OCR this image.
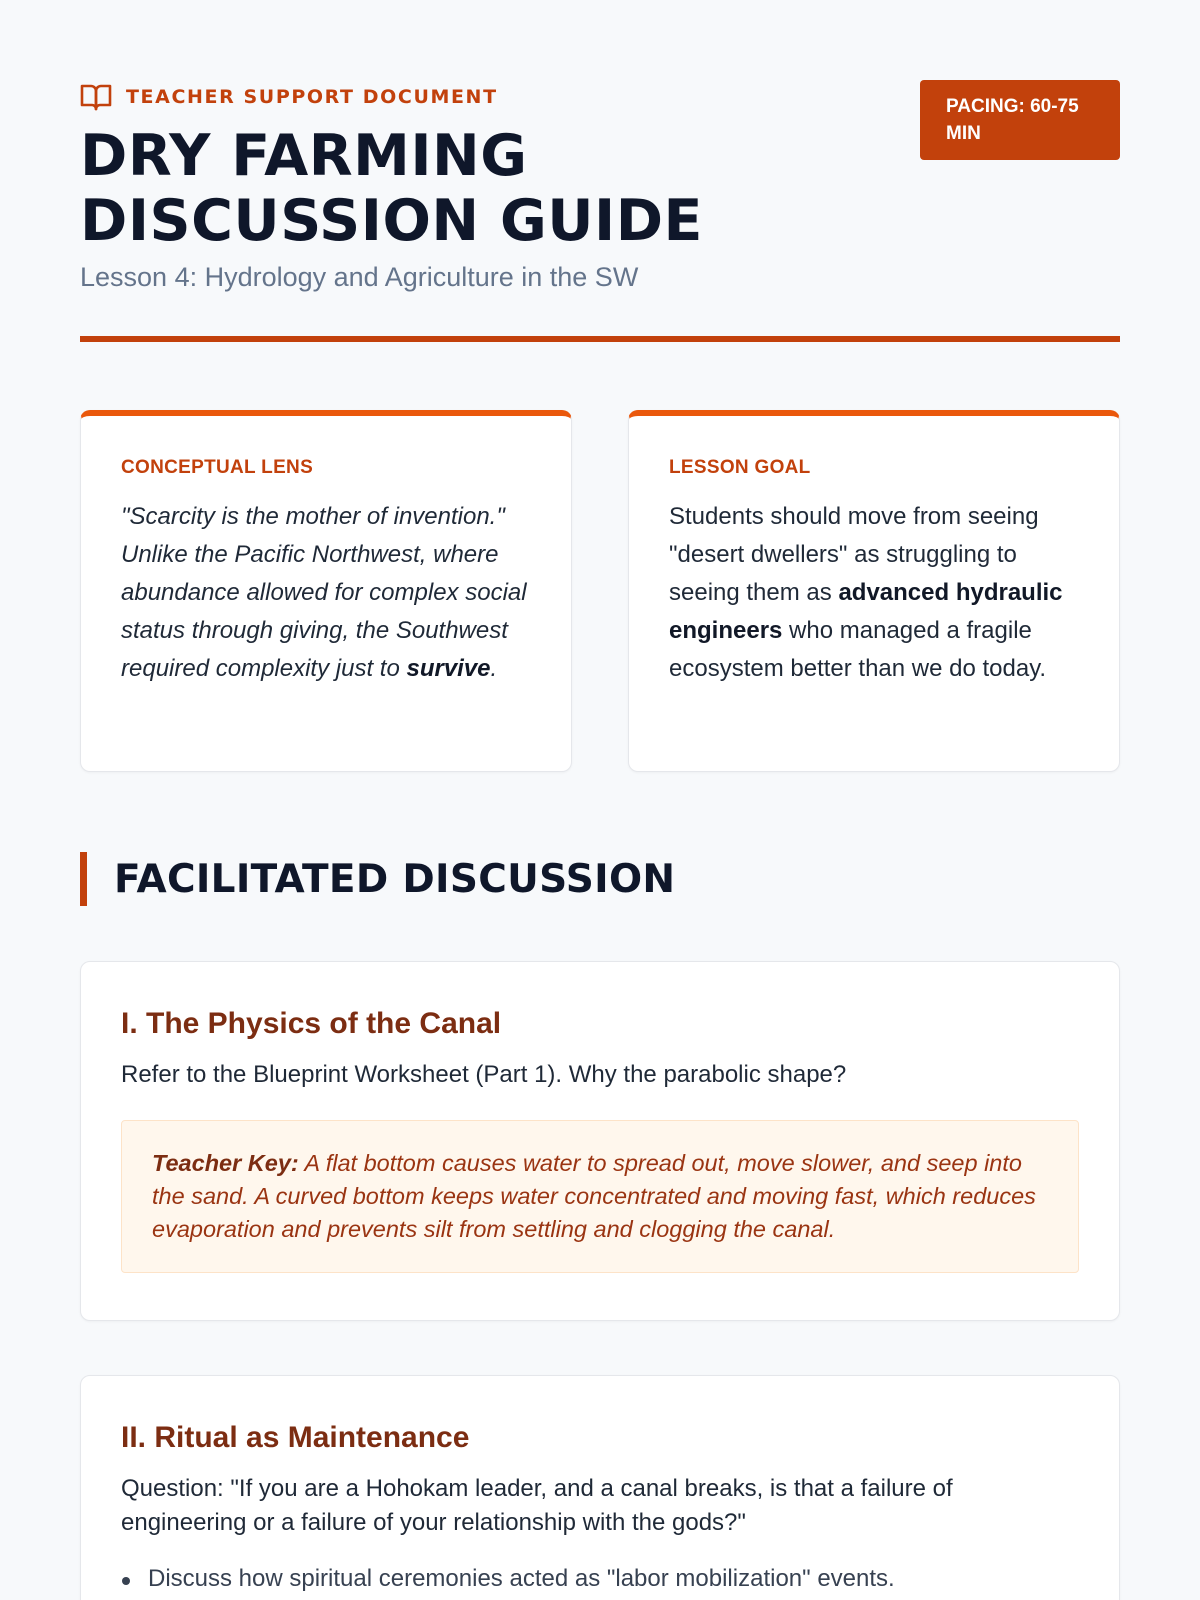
TEACHER SUPPORT DOCUMENT
DRY FARMING DISCUSSION GUIDE
Lesson 4: Hydrology and Agriculture in the SW
PACING: 60-75 MIN
CONCEPTUAL LENS

"Scarcity is the mother of invention." Unlike the Pacific Northwest, where abundance allowed for complex social status through giving, the Southwest required complexity just to survive.

LESSON GOAL

Students should move from seeing "desert dwellers" as struggling to seeing them as advanced hydraulic engineers who managed a fragile ecosystem better than we do today.

FACILITATED DISCUSSION
I. The Physics of the Canal

Refer to the Blueprint Worksheet (Part 1). Why the parabolic shape?

Teacher Key: A flat bottom causes water to spread out, move slower, and seep into the sand. A curved bottom keeps water concentrated and moving fast, which reduces evaporation and prevents silt from settling and clogging the canal.
II. Ritual as Maintenance

Question: "If you are a Hohokam leader, and a canal breaks, is that a failure of engineering or a failure of your relationship with the gods?"

Discuss how spiritual ceremonies acted as "labor mobilization" events.
